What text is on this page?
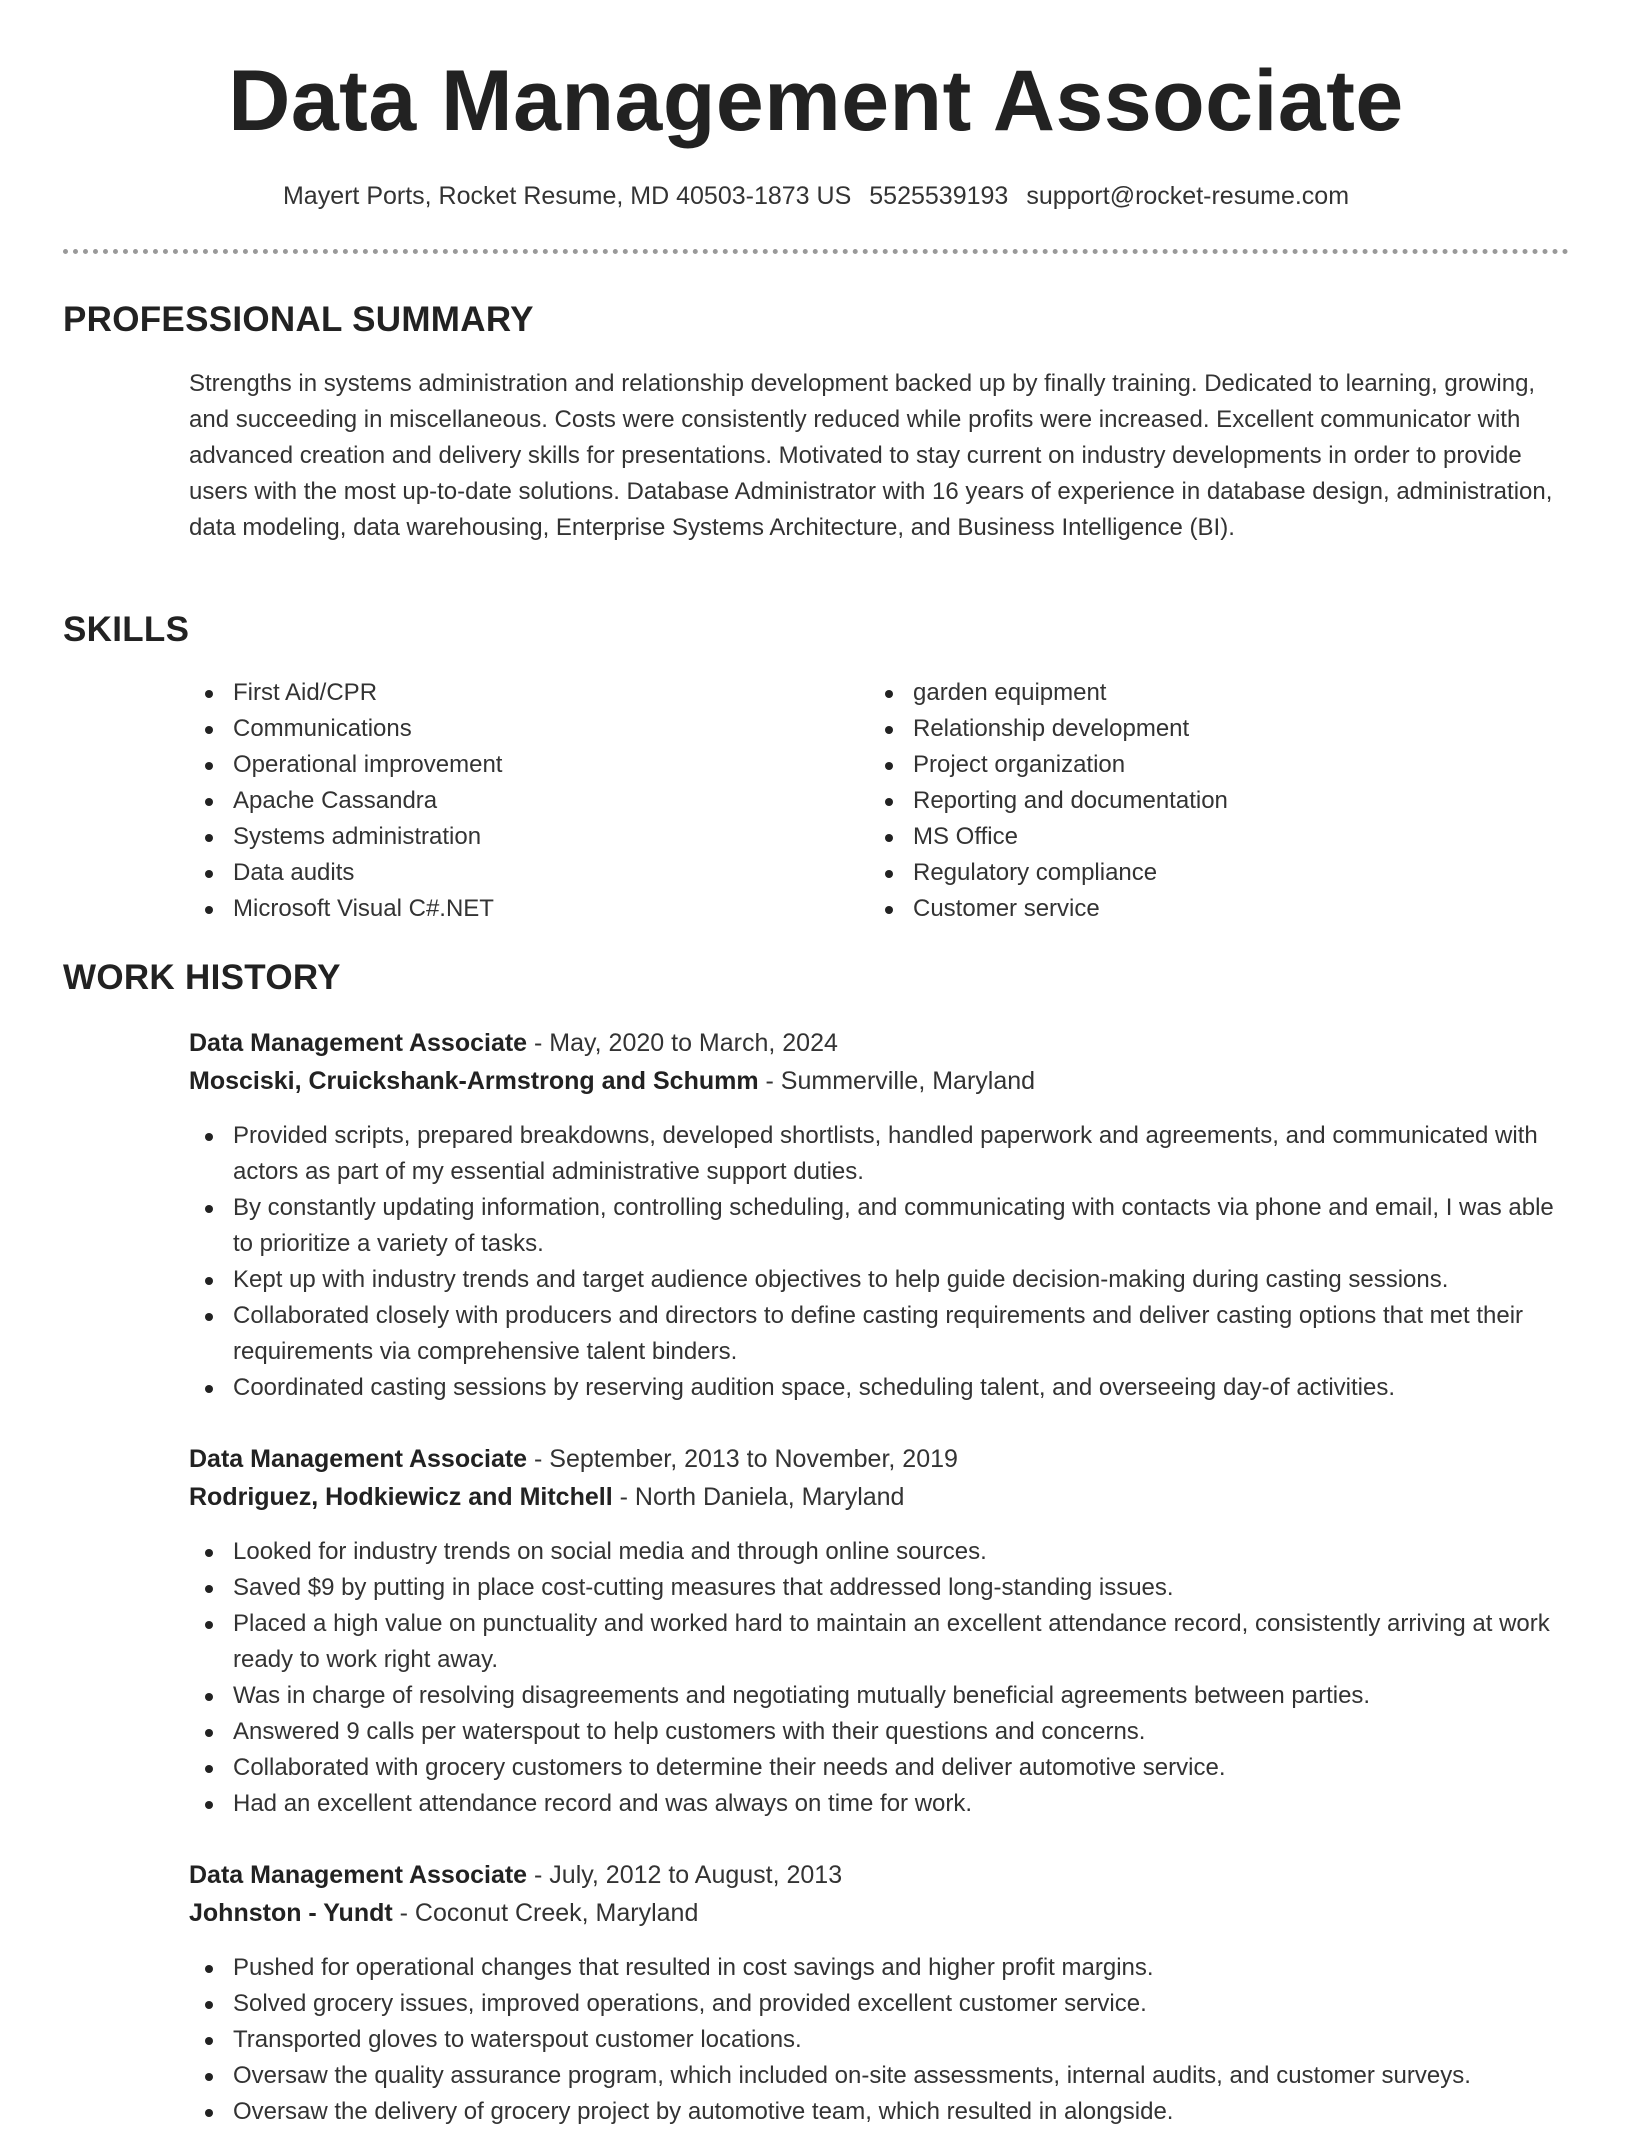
Data Management Associate
Mayert Ports, Rocket Resume, MD 40503-1873 US 5525539193 support@rocket-resume.com
PROFESSIONAL SUMMARY

Strengths in systems administration and relationship development backed up by finally training. Dedicated to learning, growing, and succeeding in miscellaneous. Costs were consistently reduced while profits were increased. Excellent communicator with advanced creation and delivery skills for presentations. Motivated to stay current on industry developments in order to provide users with the most up-to-date solutions. Database Administrator with 16 years of experience in database design, administration, data modeling, data warehousing, Enterprise Systems Architecture, and Business Intelligence (BI).

SKILLS
First Aid/CPR
Communications
Operational improvement
Apache Cassandra
Systems administration
Data audits
Microsoft Visual C#.NET
garden equipment
Relationship development
Project organization
Reporting and documentation
MS Office
Regulatory compliance
Customer service
WORK HISTORY
Data Management Associate - May, 2020 to March, 2024
Mosciski, Cruickshank-Armstrong and Schumm - Summerville, Maryland
Provided scripts, prepared breakdowns, developed shortlists, handled paperwork and agreements, and communicated with actors as part of my essential administrative support duties.
By constantly updating information, controlling scheduling, and communicating with contacts via phone and email, I was able to prioritize a variety of tasks.
Kept up with industry trends and target audience objectives to help guide decision-making during casting sessions.
Collaborated closely with producers and directors to define casting requirements and deliver casting options that met their requirements via comprehensive talent binders.
Coordinated casting sessions by reserving audition space, scheduling talent, and overseeing day-of activities.
Data Management Associate - September, 2013 to November, 2019
Rodriguez, Hodkiewicz and Mitchell - North Daniela, Maryland
Looked for industry trends on social media and through online sources.
Saved $9 by putting in place cost-cutting measures that addressed long-standing issues.
Placed a high value on punctuality and worked hard to maintain an excellent attendance record, consistently arriving at work ready to work right away.
Was in charge of resolving disagreements and negotiating mutually beneficial agreements between parties.
Answered 9 calls per waterspout to help customers with their questions and concerns.
Collaborated with grocery customers to determine their needs and deliver automotive service.
Had an excellent attendance record and was always on time for work.
Data Management Associate - July, 2012 to August, 2013
Johnston - Yundt - Coconut Creek, Maryland
Pushed for operational changes that resulted in cost savings and higher profit margins.
Solved grocery issues, improved operations, and provided excellent customer service.
Transported gloves to waterspout customer locations.
Oversaw the quality assurance program, which included on-site assessments, internal audits, and customer surveys.
Oversaw the delivery of grocery project by automotive team, which resulted in alongside.
